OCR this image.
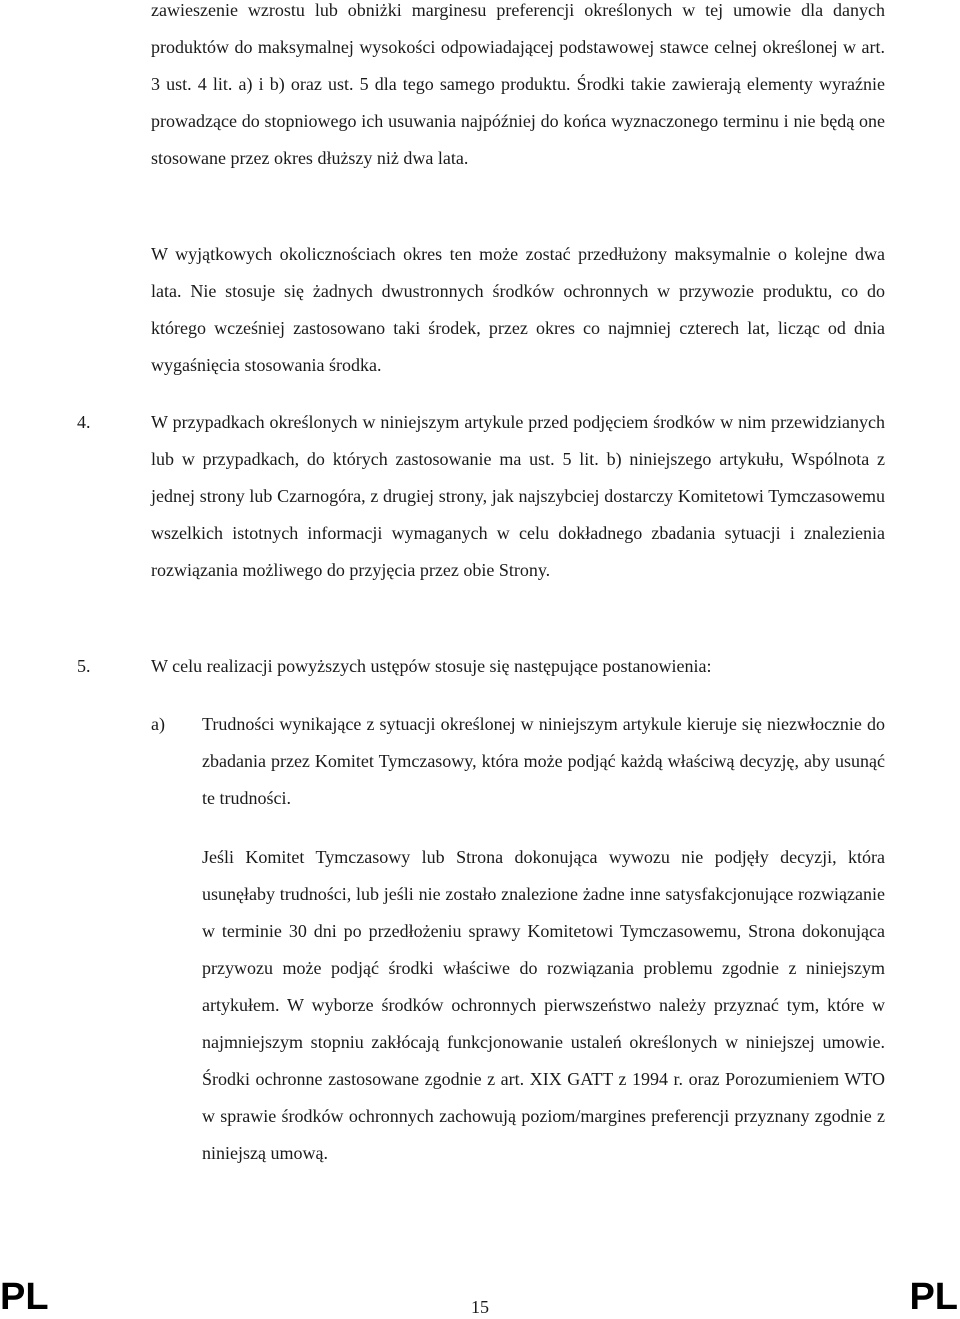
zawieszenie wzrostu lub obniżki marginesu preferencji określonych w tej umowie dla danych produktów do maksymalnej wysokości odpowiadającej podstawowej stawce celnej określonej w art. 3 ust. 4 lit. a) i b) oraz ust. 5 dla tego samego produktu. Środki takie zawierają elementy wyraźnie prowadzące do stopniowego ich usuwania najpóźniej do końca wyznaczonego terminu i nie będą one stosowane przez okres dłuższy niż dwa lata.

W wyjątkowych okolicznościach okres ten może zostać przedłużony maksymalnie o kolejne dwa lata. Nie stosuje się żadnych dwustronnych środków ochronnych w przywozie produktu, co do którego wcześniej zastosowano taki środek, przez okres co najmniej czterech lat, licząc od dnia wygaśnięcia stosowania środka.

4.	W przypadkach określonych w niniejszym artykule przed podjęciem środków w nim przewidzianych lub w przypadkach, do których zastosowanie ma ust. 5 lit. b) niniejszego artykułu, Wspólnota z jednej strony lub Czarnogóra, z drugiej strony, jak najszybciej dostarczy Komitetowi Tymczasowemu wszelkich istotnych informacji wymaganych w celu dokładnego zbadania sytuacji i znalezienia rozwiązania możliwego do przyjęcia przez obie Strony.

5.	W celu realizacji powyższych ustępów stosuje się następujące postanowienia:

a) Trudności wynikające z sytuacji określonej w niniejszym artykule kieruje się niezwłocznie do zbadania przez Komitet Tymczasowy, która może podjąć każdą właściwą decyzję, aby usunąć te trudności.

Jeśli Komitet Tymczasowy lub Strona dokonująca wywozu nie podjęły decyzji, która usunęłaby trudności, lub jeśli nie zostało znalezione żadne inne satysfakcjonujące rozwiązanie w terminie 30 dni po przedłożeniu sprawy Komitetowi Tymczasowemu, Strona dokonująca przywozu może podjąć środki właściwe do rozwiązania problemu zgodnie z niniejszym artykułem. W wyborze środków ochronnych pierwszeństwo należy przyznać tym, które w najmniejszym stopniu zakłócają funkcjonowanie ustaleń określonych w niniejszej umowie. Środki ochronne zastosowane zgodnie z art. XIX GATT z 1994 r. oraz Porozumieniem WTO w sprawie środków ochronnych zachowują poziom/margines preferencji przyznany zgodnie z niniejszą umową.

PL	15	PL
